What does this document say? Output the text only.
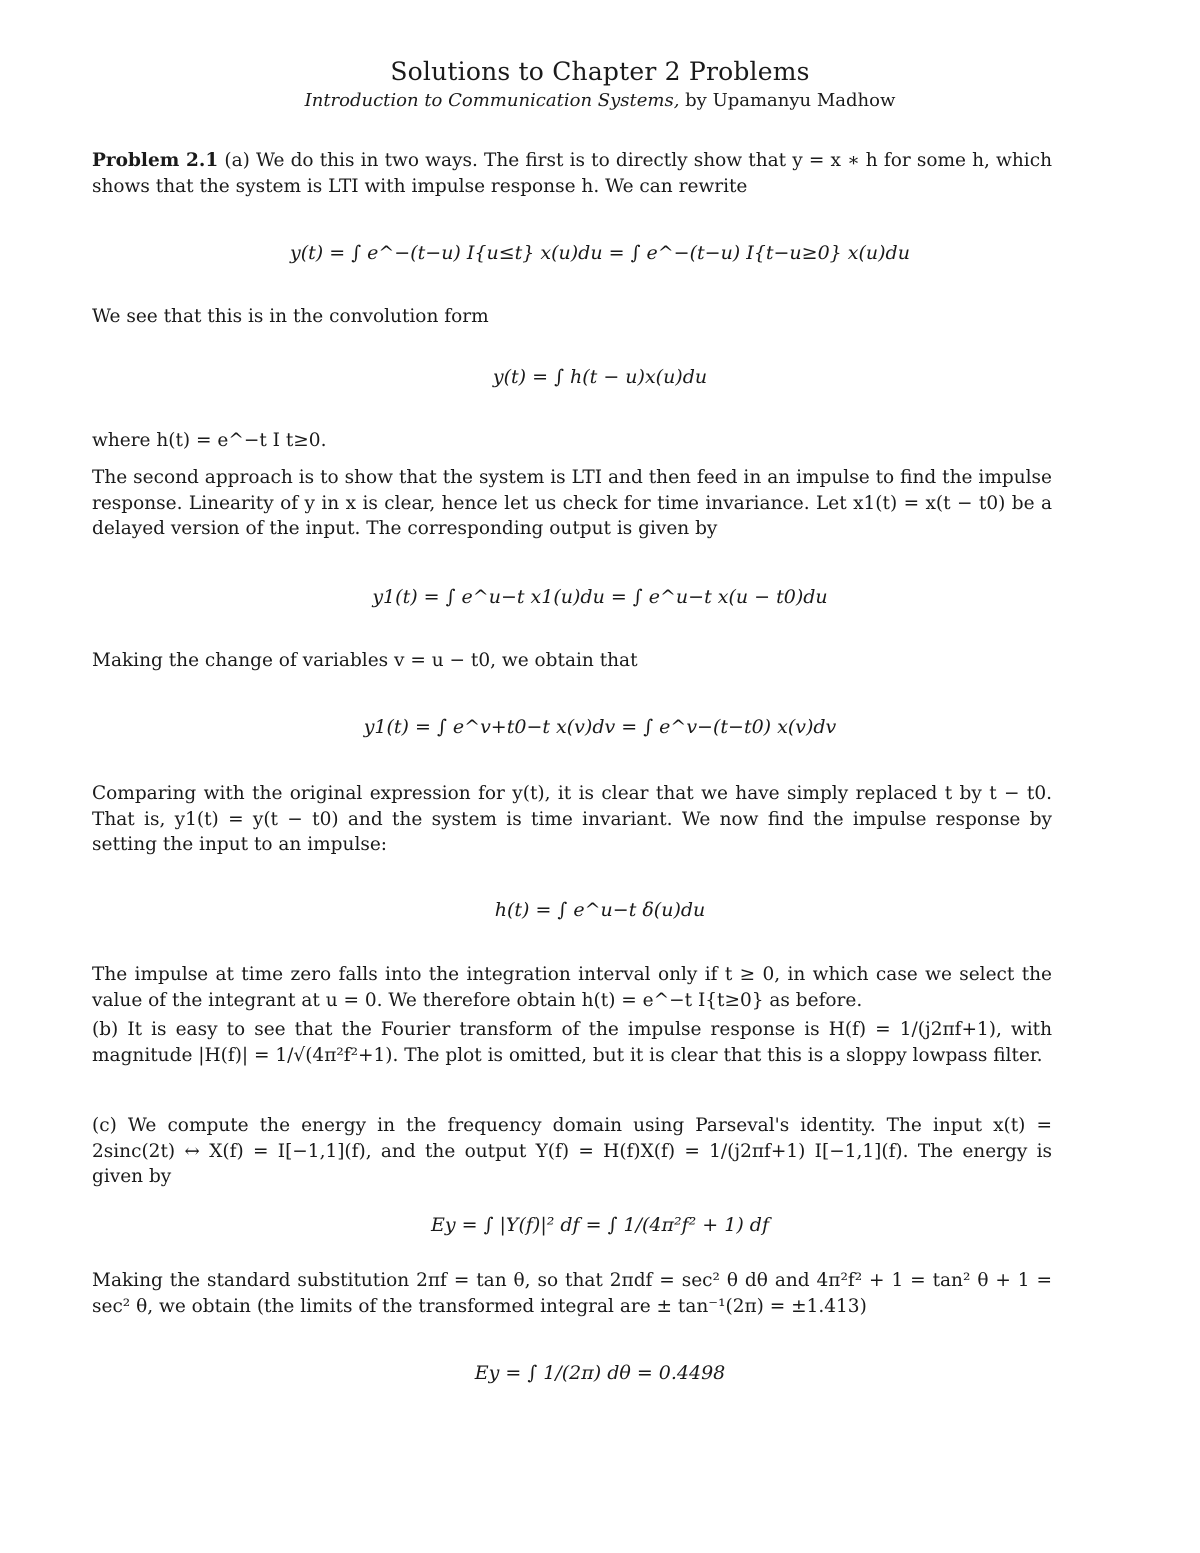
Solutions to Chapter 2 Problems
Introduction to Communication Systems, by Upamanyu Madhow
Problem 2.1 (a) We do this in two ways. The first is to directly show that y = x ∗ h for some h, which shows that the system is LTI with impulse response h. We can rewrite
y(t) = ∫ e^−(t−u) I{u≤t} x(u)du = ∫ e^−(t−u) I{t−u≥0} x(u)du
We see that this is in the convolution form
y(t) = ∫ h(t − u)x(u)du
where h(t) = e^−t I t≥0.
The second approach is to show that the system is LTI and then feed in an impulse to find the impulse response. Linearity of y in x is clear, hence let us check for time invariance. Let x1(t) = x(t − t0) be a delayed version of the input. The corresponding output is given by
y1(t) = ∫ e^u−t x1(u)du = ∫ e^u−t x(u − t0)du
Making the change of variables v = u − t0, we obtain that
y1(t) = ∫ e^v+t0−t x(v)dv = ∫ e^v−(t−t0) x(v)dv
Comparing with the original expression for y(t), it is clear that we have simply replaced t by t − t0. That is, y1(t) = y(t − t0) and the system is time invariant. We now find the impulse response by setting the input to an impulse:
h(t) = ∫ e^u−t δ(u)du
The impulse at time zero falls into the integration interval only if t ≥ 0, in which case we select the value of the integrant at u = 0. We therefore obtain h(t) = e^−t I{t≥0} as before.
(b) It is easy to see that the Fourier transform of the impulse response is H(f) = 1/(j2πf+1), with magnitude |H(f)| = 1/√(4π²f²+1). The plot is omitted, but it is clear that this is a sloppy lowpass filter.
(c) We compute the energy in the frequency domain using Parseval's identity. The input x(t) = 2sinc(2t) ↔ X(f) = I[−1,1](f), and the output Y(f) = H(f)X(f) = 1/(j2πf+1) I[−1,1](f). The energy is given by
Ey = ∫ |Y(f)|² df = ∫ 1/(4π²f² + 1) df
Making the standard substitution 2πf = tan θ, so that 2πdf = sec² θ dθ and 4π²f² + 1 = tan² θ + 1 = sec² θ, we obtain (the limits of the transformed integral are ± tan⁻¹(2π) = ±1.413)
Ey = ∫ 1/(2π) dθ = 0.4498
